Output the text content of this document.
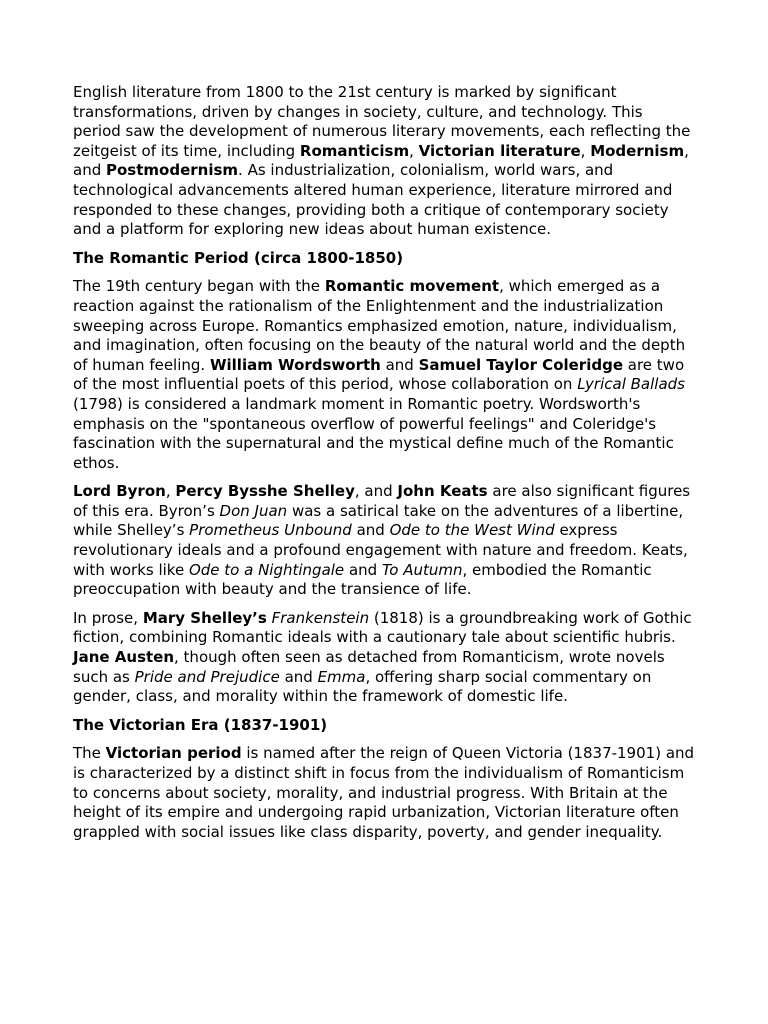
English literature from 1800 to the 21st century is marked by significant transformations, driven by changes in society, culture, and technology. This period saw the development of numerous literary movements, each reflecting the zeitgeist of its time, including Romanticism, Victorian literature, Modernism, and Postmodernism. As industrialization, colonialism, world wars, and technological advancements altered human experience, literature mirrored and responded to these changes, providing both a critique of contemporary society and a platform for exploring new ideas about human existence.

The Romantic Period (circa 1800-1850)

The 19th century began with the Romantic movement, which emerged as a reaction against the rationalism of the Enlightenment and the industrialization sweeping across Europe. Romantics emphasized emotion, nature, individualism, and imagination, often focusing on the beauty of the natural world and the depth of human feeling. William Wordsworth and Samuel Taylor Coleridge are two of the most influential poets of this period, whose collaboration on Lyrical Ballads (1798) is considered a landmark moment in Romantic poetry. Wordsworth's emphasis on the "spontaneous overflow of powerful feelings" and Coleridge's fascination with the supernatural and the mystical define much of the Romantic ethos.

Lord Byron, Percy Bysshe Shelley, and John Keats are also significant figures of this era. Byron’s Don Juan was a satirical take on the adventures of a libertine, while Shelley’s Prometheus Unbound and Ode to the West Wind express revolutionary ideals and a profound engagement with nature and freedom. Keats, with works like Ode to a Nightingale and To Autumn, embodied the Romantic preoccupation with beauty and the transience of life.

In prose, Mary Shelley’s Frankenstein (1818) is a groundbreaking work of Gothic fiction, combining Romantic ideals with a cautionary tale about scientific hubris. Jane Austen, though often seen as detached from Romanticism, wrote novels such as Pride and Prejudice and Emma, offering sharp social commentary on gender, class, and morality within the framework of domestic life.

The Victorian Era (1837-1901)

The Victorian period is named after the reign of Queen Victoria (1837-1901) and is characterized by a distinct shift in focus from the individualism of Romanticism to concerns about society, morality, and industrial progress. With Britain at the height of its empire and undergoing rapid urbanization, Victorian literature often grappled with social issues like class disparity, poverty, and gender inequality.
